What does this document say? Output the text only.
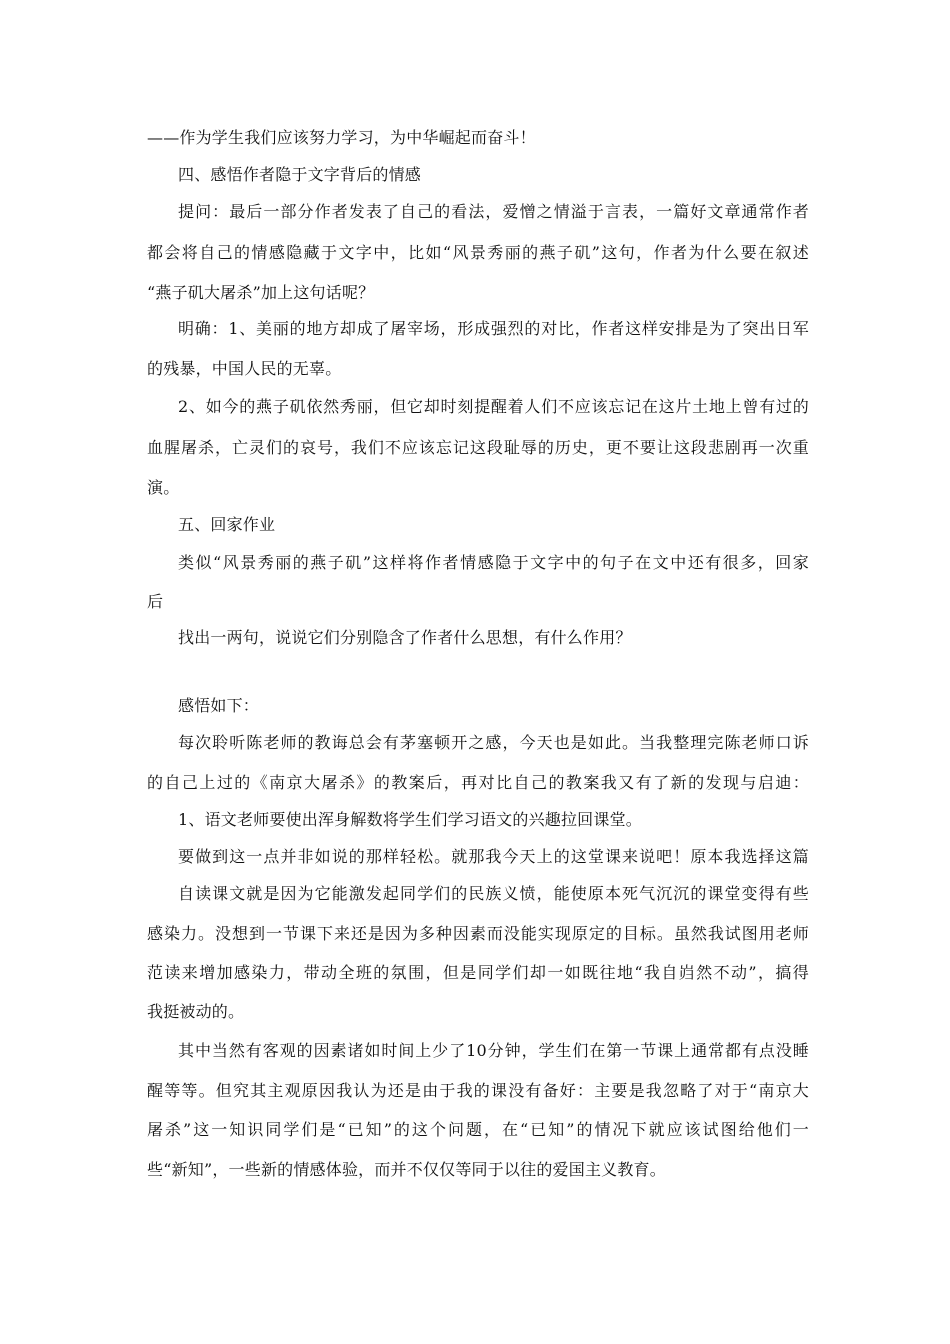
——作为学生我们应该努力学习，为中华崛起而奋斗！
四、感悟作者隐于文字背后的情感
提问：最后一部分作者发表了自己的看法，爱憎之情溢于言表，一篇好文章通常作者
都会将自己的情感隐藏于文字中，比如“风景秀丽的燕子矶”这句，作者为什么要在叙述
“燕子矶大屠杀”加上这句话呢？
明确：1、美丽的地方却成了屠宰场，形成强烈的对比，作者这样安排是为了突出日军
的残暴，中国人民的无辜。
2、如今的燕子矶依然秀丽，但它却时刻提醒着人们不应该忘记在这片土地上曾有过的
血腥屠杀，亡灵们的哀号，我们不应该忘记这段耻辱的历史，更不要让这段悲剧再一次重
演。
五、回家作业
类似“风景秀丽的燕子矶”这样将作者情感隐于文字中的句子在文中还有很多，回家
后
找出一两句，说说它们分别隐含了作者什么思想，有什么作用？
感悟如下：
每次聆听陈老师的教诲总会有茅塞顿开之感，今天也是如此。当我整理完陈老师口诉
的自己上过的《南京大屠杀》的教案后，再对比自己的教案我又有了新的发现与启迪：
1、语文老师要使出浑身解数将学生们学习语文的兴趣拉回课堂。
要做到这一点并非如说的那样轻松。就那我今天上的这堂课来说吧！原本我选择这篇
自读课文就是因为它能激发起同学们的民族义愤，能使原本死气沉沉的课堂变得有些
感染力。没想到一节课下来还是因为多种因素而没能实现原定的目标。虽然我试图用老师
范读来增加感染力，带动全班的氛围，但是同学们却一如既往地“我自岿然不动”，搞得
我挺被动的。
其中当然有客观的因素诸如时间上少了10分钟，学生们在第一节课上通常都有点没睡
醒等等。但究其主观原因我认为还是由于我的课没有备好：主要是我忽略了对于“南京大
屠杀”这一知识同学们是“已知”的这个问题，在“已知”的情况下就应该试图给他们一
些“新知”，一些新的情感体验，而并不仅仅等同于以往的爱国主义教育。
